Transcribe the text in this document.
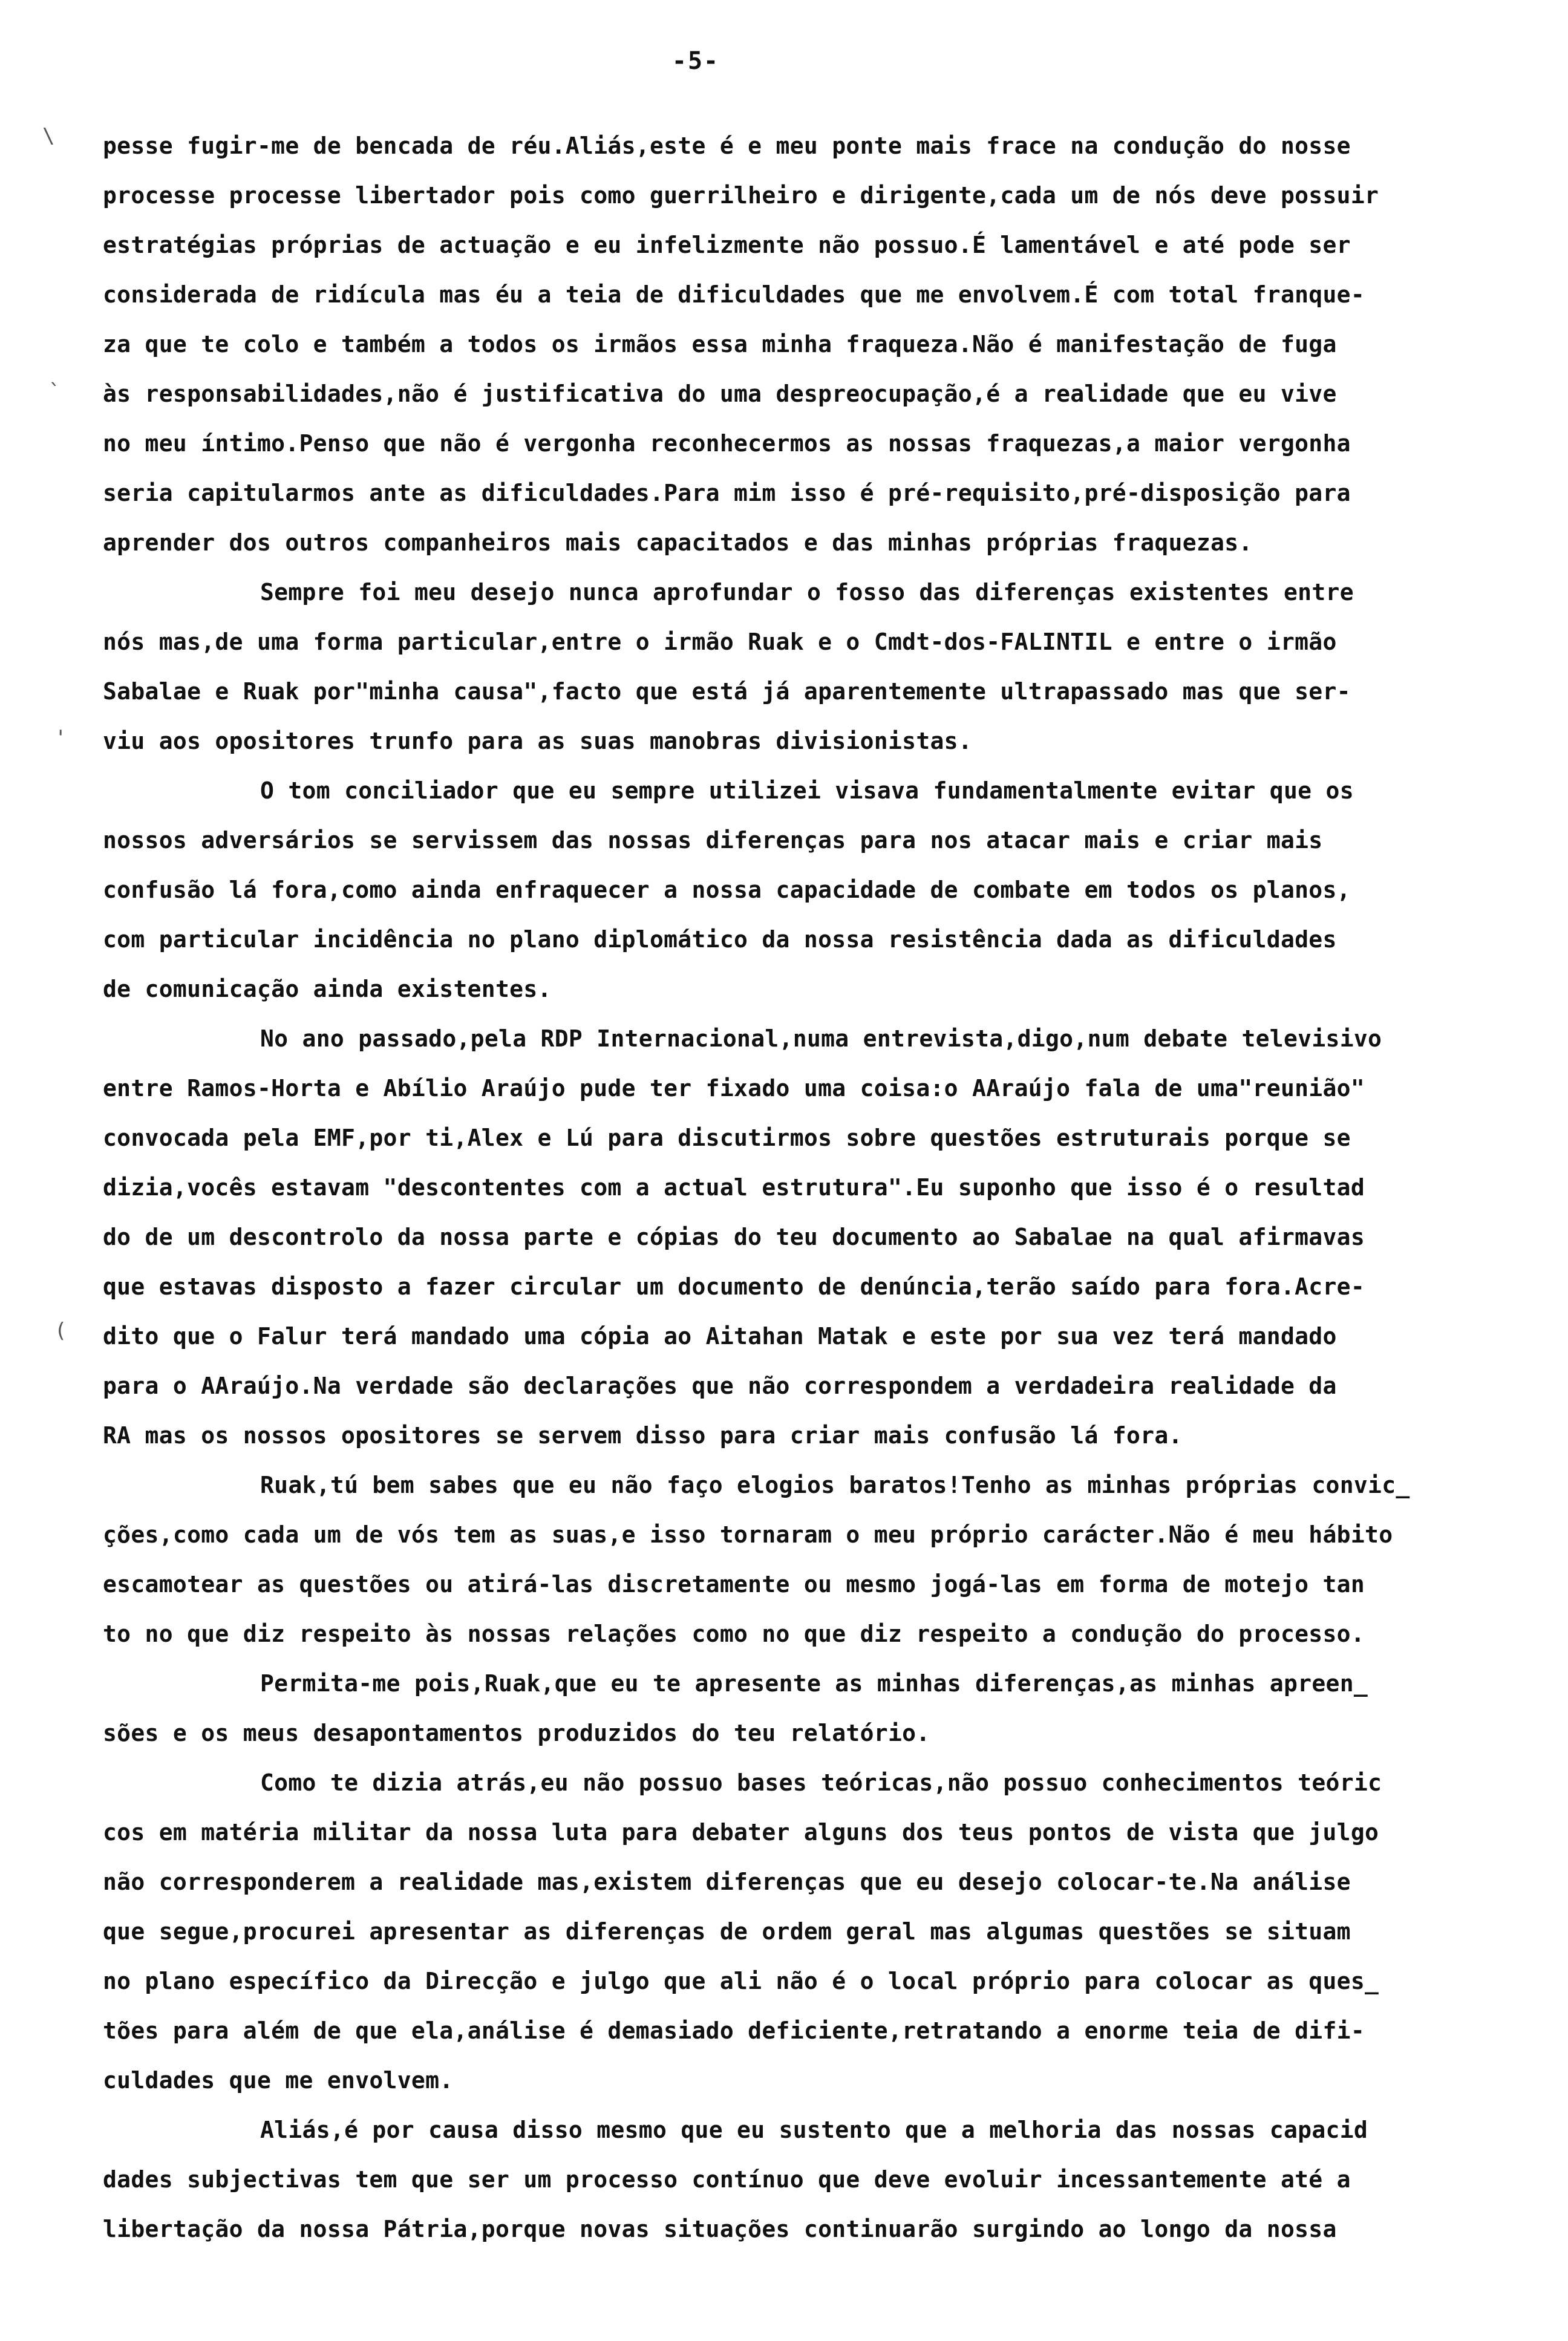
-5-
\
`
'
(
pesse fugir-me de bencada de réu.Aliás,este é e meu ponte mais frace na condução do nosse
processe processe libertador pois como guerrilheiro e dirigente,cada um de nós deve possuir
estratégias próprias de actuação e eu infelizmente não possuo.É lamentável e até pode ser
considerada de ridícula mas éu a teia de dificuldades que me envolvem.É com total franque-
za que te colo e também a todos os irmãos essa minha fraqueza.Não é manifestação de fuga
às responsabilidades,não é justificativa do uma despreocupação,é a realidade que eu vive
no meu íntimo.Penso que não é vergonha reconhecermos as nossas fraquezas,a maior vergonha
seria capitularmos ante as dificuldades.Para mim isso é pré-requisito,pré-disposição para
aprender dos outros companheiros mais capacitados e das minhas próprias fraquezas.
Sempre foi meu desejo nunca aprofundar o fosso das diferenças existentes entre
nós mas,de uma forma particular,entre o irmão Ruak e o Cmdt-dos-FALINTIL e entre o irmão
Sabalae e Ruak por"minha causa",facto que está já aparentemente ultrapassado mas que ser-
viu aos opositores trunfo para as suas manobras divisionistas.
O tom conciliador que eu sempre utilizei visava fundamentalmente evitar que os
nossos adversários se servissem das nossas diferenças para nos atacar mais e criar mais
confusão lá fora,como ainda enfraquecer a nossa capacidade de combate em todos os planos,
com particular incidência no plano diplomático da nossa resistência dada as dificuldades
de comunicação ainda existentes.
No ano passado,pela RDP Internacional,numa entrevista,digo,num debate televisivo
entre Ramos-Horta e Abílio Araújo pude ter fixado uma coisa:o AAraújo fala de uma"reunião"
convocada pela EMF,por ti,Alex e Lú para discutirmos sobre questões estruturais porque se
dizia,vocês estavam "descontentes com a actual estrutura".Eu suponho que isso é o resultad
do de um descontrolo da nossa parte e cópias do teu documento ao Sabalae na qual afirmavas
que estavas disposto a fazer circular um documento de denúncia,terão saído para fora.Acre-
dito que o Falur terá mandado uma cópia ao Aitahan Matak e este por sua vez terá mandado
para o AAraújo.Na verdade são declarações que não correspondem a verdadeira realidade da
RA mas os nossos opositores se servem disso para criar mais confusão lá fora.
Ruak,tú bem sabes que eu não faço elogios baratos!Tenho as minhas próprias convic_
ções,como cada um de vós tem as suas,e isso tornaram o meu próprio carácter.Não é meu hábito
escamotear as questões ou atirá-las discretamente ou mesmo jogá-las em forma de motejo tan
to no que diz respeito às nossas relações como no que diz respeito a condução do processo.
Permita-me pois,Ruak,que eu te apresente as minhas diferenças,as minhas apreen_
sões e os meus desapontamentos produzidos do teu relatório.
Como te dizia atrás,eu não possuo bases teóricas,não possuo conhecimentos teóric
cos em matéria militar da nossa luta para debater alguns dos teus pontos de vista que julgo
não corresponderem a realidade mas,existem diferenças que eu desejo colocar-te.Na análise
que segue,procurei apresentar as diferenças de ordem geral mas algumas questões se situam
no plano específico da Direcção e julgo que ali não é o local próprio para colocar as ques_
tões para além de que ela,análise é demasiado deficiente,retratando a enorme teia de difi-
culdades que me envolvem.
Aliás,é por causa disso mesmo que eu sustento que a melhoria das nossas capacid
dades subjectivas tem que ser um processo contínuo que deve evoluir incessantemente até a
libertação da nossa Pátria,porque novas situações continuarão surgindo ao longo da nossa
